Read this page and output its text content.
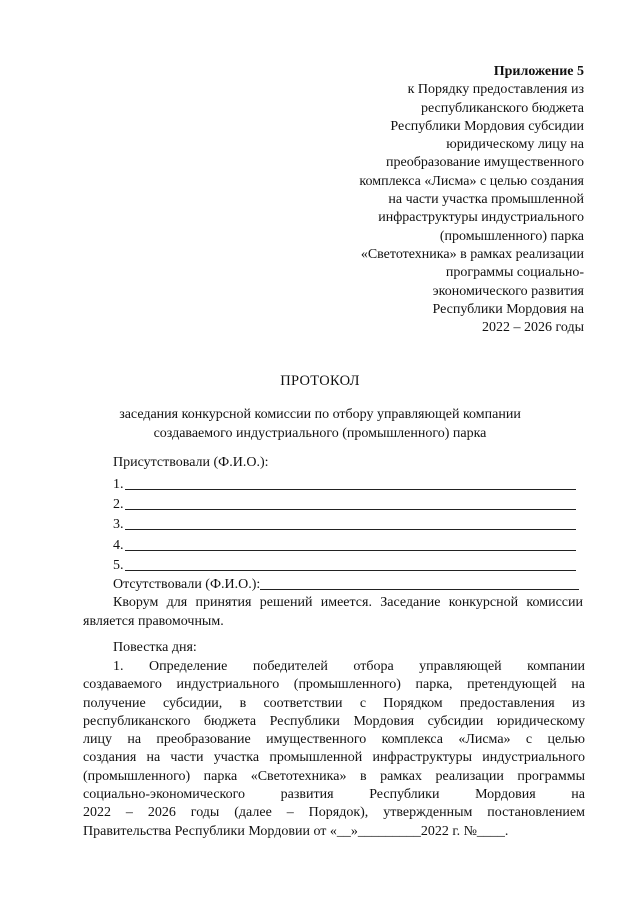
Приложение 5
к Порядку предоставления из
республиканского бюджета
Республики Мордовия субсидии
юридическому лицу на
преобразование имущественного
комплекса «Лисма» с целью создания
на части участка промышленной
инфраструктуры индустриального
(промышленного) парка
«Светотехника» в рамках реализации
программы социально-
экономического развития
Республики Мордовия на
2022 – 2026 годы
ПРОТОКОЛ
заседания конкурсной комиссии по отбору управляющей компании
создаваемого индустриального (промышленного) парка
Присутствовали (Ф.И.О.):
1.
2.
3.
4.
5.
Отсутствовали (Ф.И.О.):
Кворум для принятия решений имеется. Заседание конкурсной комиссии является правомочным.
Повестка дня:
1. Определение победителей отбора управляющей компании
создаваемого индустриального (промышленного) парка, претендующей на
получение субсидии, в соответствии с Порядком предоставления из
республиканского бюджета Республики Мордовия субсидии юридическому
лицу на преобразование имущественного комплекса «Лисма» с целью
создания на части участка промышленной инфраструктуры индустриального
(промышленного) парка «Светотехника» в рамках реализации программы
социально-экономического развития Республики Мордовия на
2022 – 2026 годы (далее – Порядок), утвержденным постановлением
Правительства Республики Мордовии от «__»_________2022 г. №____.
